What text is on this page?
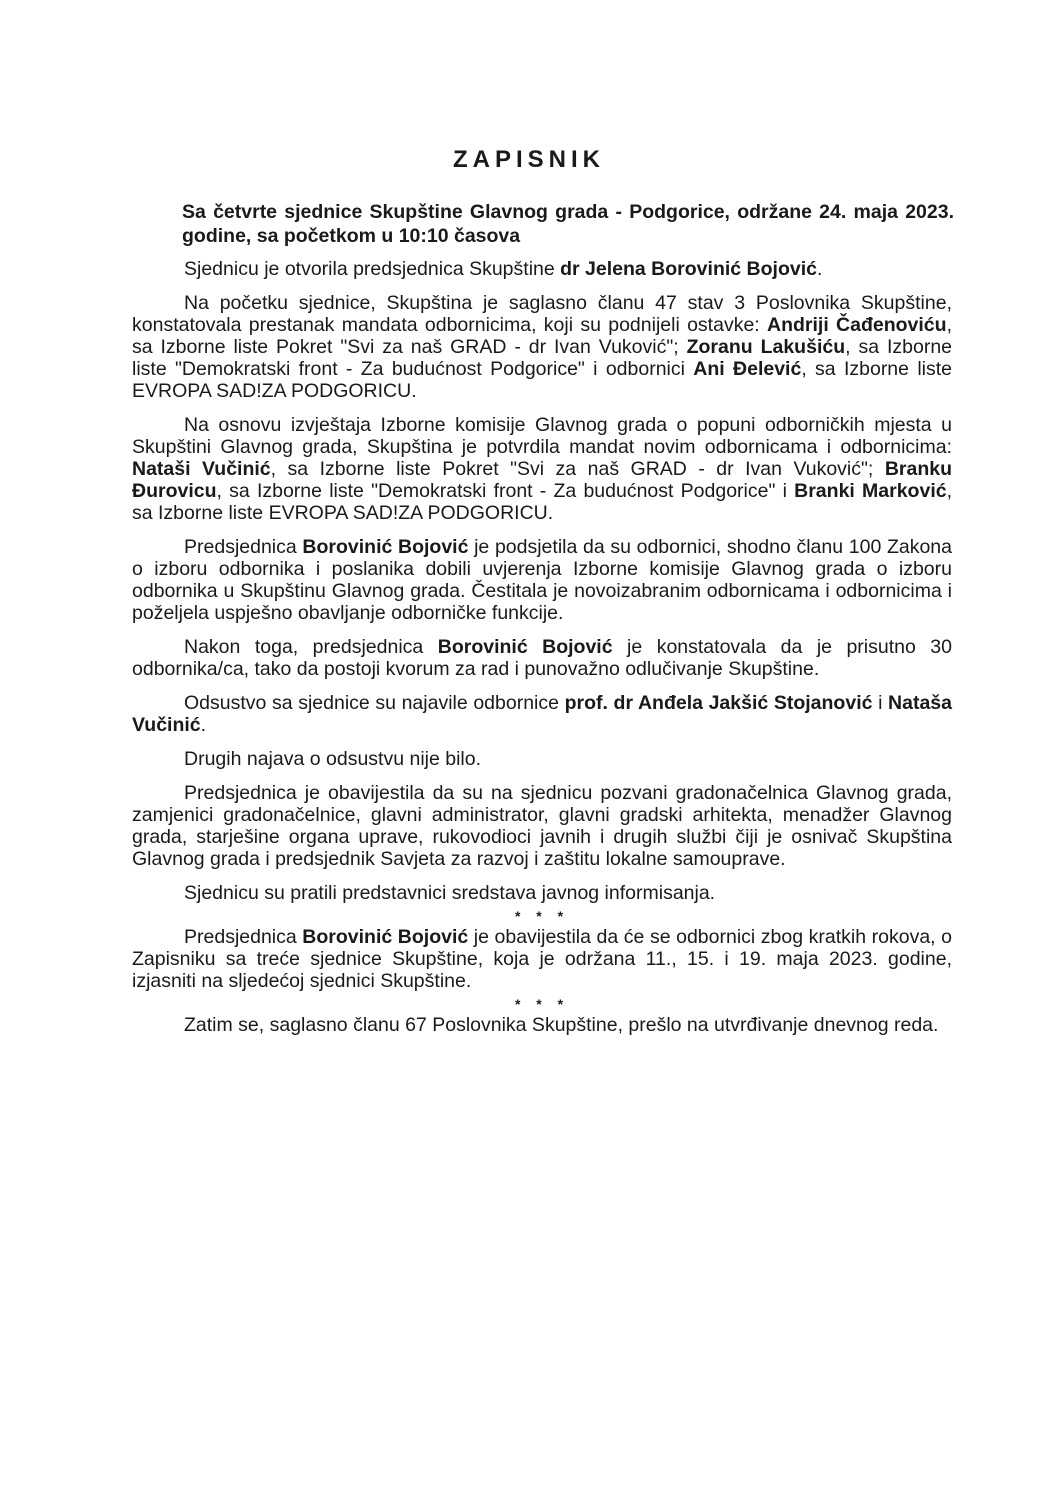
ZAPISNIK
Sa četvrte sjednice Skupštine Glavnog grada - Podgorice, održane 24. maja 2023. godine, sa početkom u 10:10 časova

Sjednicu je otvorila predsjednica Skupštine dr Jelena Borovinić Bojović.

Na početku sjednice, Skupština je saglasno članu 47 stav 3 Poslovnika Skupštine, konstatovala prestanak mandata odbornicima, koji su podnijeli ostavke: Andriji Čađenoviću, sa Izborne liste Pokret "Svi za naš GRAD - dr Ivan Vuković"; Zoranu Lakušiću, sa Izborne liste "Demokratski front - Za budućnost Podgorice" i odbornici Ani Đelević, sa Izborne liste EVROPA SAD!ZA PODGORICU.

Na osnovu izvještaja Izborne komisije Glavnog grada o popuni odborničkih mjesta u Skupštini Glavnog grada, Skupština je potvrdila mandat novim odbornicama i odbornicima: Nataši Vučinić, sa Izborne liste Pokret "Svi za naš GRAD - dr Ivan Vuković"; Branku Đurovicu, sa Izborne liste "Demokratski front - Za budućnost Podgorice" i Branki Marković, sa Izborne liste EVROPA SAD!ZA PODGORICU.

Predsjednica Borovinić Bojović je podsjetila da su odbornici, shodno članu 100 Zakona o izboru odbornika i poslanika dobili uvjerenja Izborne komisije Glavnog grada o izboru odbornika u Skupštinu Glavnog grada. Čestitala je novoizabranim odbornicama i odbornicima i poželjela uspješno obavljanje odborničke funkcije.

Nakon toga, predsjednica Borovinić Bojović je konstatovala da je prisutno 30 odbornika/ca, tako da postoji kvorum za rad i punovažno odlučivanje Skupštine.

Odsustvo sa sjednice su najavile odbornice prof. dr Anđela Jakšić Stojanović i Nataša Vučinić.

Drugih najava o odsustvu nije bilo.

Predsjednica je obavijestila da su na sjednicu pozvani gradonačelnica Glavnog grada, zamjenici gradonačelnice, glavni administrator, glavni gradski arhitekta, menadžer Glavnog grada, starješine organa uprave, rukovodioci javnih i drugih službi čiji je osnivač Skupština Glavnog grada i predsjednik Savjeta za razvoj i zaštitu lokalne samouprave.

Sjednicu su pratili predstavnici sredstava javnog informisanja.

* * *

Predsjednica Borovinić Bojović je obavijestila da će se odbornici zbog kratkih rokova, o Zapisniku sa treće sjednice Skupštine, koja je održana 11., 15. i 19. maja 2023. godine, izjasniti na sljedećoj sjednici Skupštine.

* * *

Zatim se, saglasno članu 67 Poslovnika Skupštine, prešlo na utvrđivanje dnevnog reda.
